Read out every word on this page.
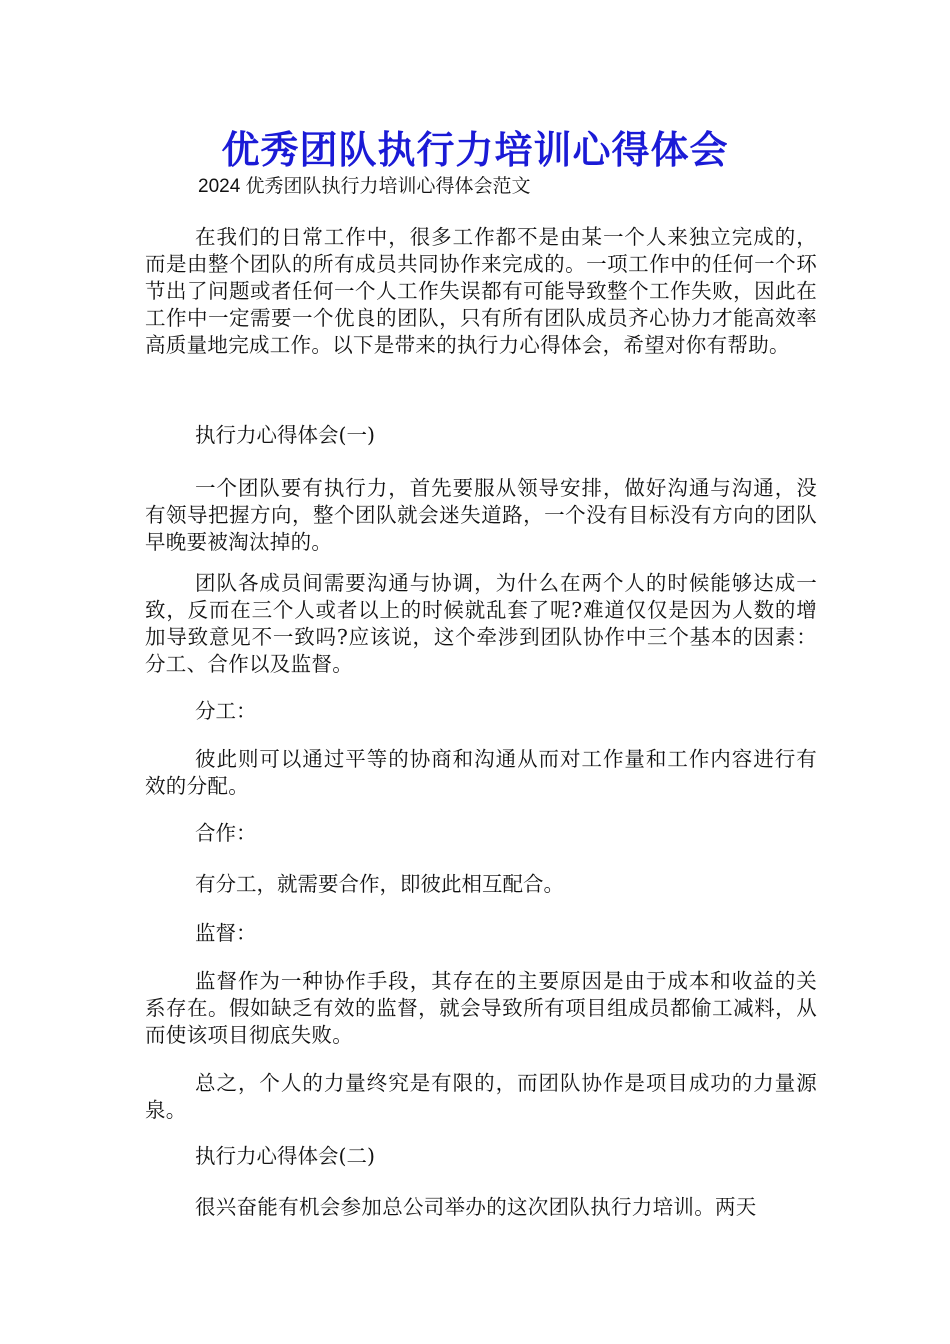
优秀团队执行力培训心得体会

2024 优秀团队执行力培训心得体会范文

在我们的日常工作中，很多工作都不是由某一个人来独立完成的，而是由整个团队的所有成员共同协作来完成的。一项工作中的任何一个环节出了问题或者任何一个人工作失误都有可能导致整个工作失败，因此在工作中一定需要一个优良的团队，只有所有团队成员齐心协力才能高效率高质量地完成工作。以下是带来的执行力心得体会，希望对你有帮助。

执行力心得体会(一)

一个团队要有执行力，首先要服从领导安排，做好沟通与沟通，没有领导把握方向，整个团队就会迷失道路，一个没有目标没有方向的团队早晚要被淘汰掉的。

团队各成员间需要沟通与协调，为什么在两个人的时候能够达成一致，反而在三个人或者以上的时候就乱套了呢?难道仅仅是因为人数的增加导致意见不一致吗?应该说，这个牵涉到团队协作中三个基本的因素：分工、合作以及监督。

分工：

彼此则可以通过平等的协商和沟通从而对工作量和工作内容进行有效的分配。

合作：

有分工，就需要合作，即彼此相互配合。

监督：

监督作为一种协作手段，其存在的主要原因是由于成本和收益的关系存在。假如缺乏有效的监督，就会导致所有项目组成员都偷工减料，从而使该项目彻底失败。

总之，个人的力量终究是有限的，而团队协作是项目成功的力量源泉。

执行力心得体会(二)

很兴奋能有机会参加总公司举办的这次团队执行力培训。两天
